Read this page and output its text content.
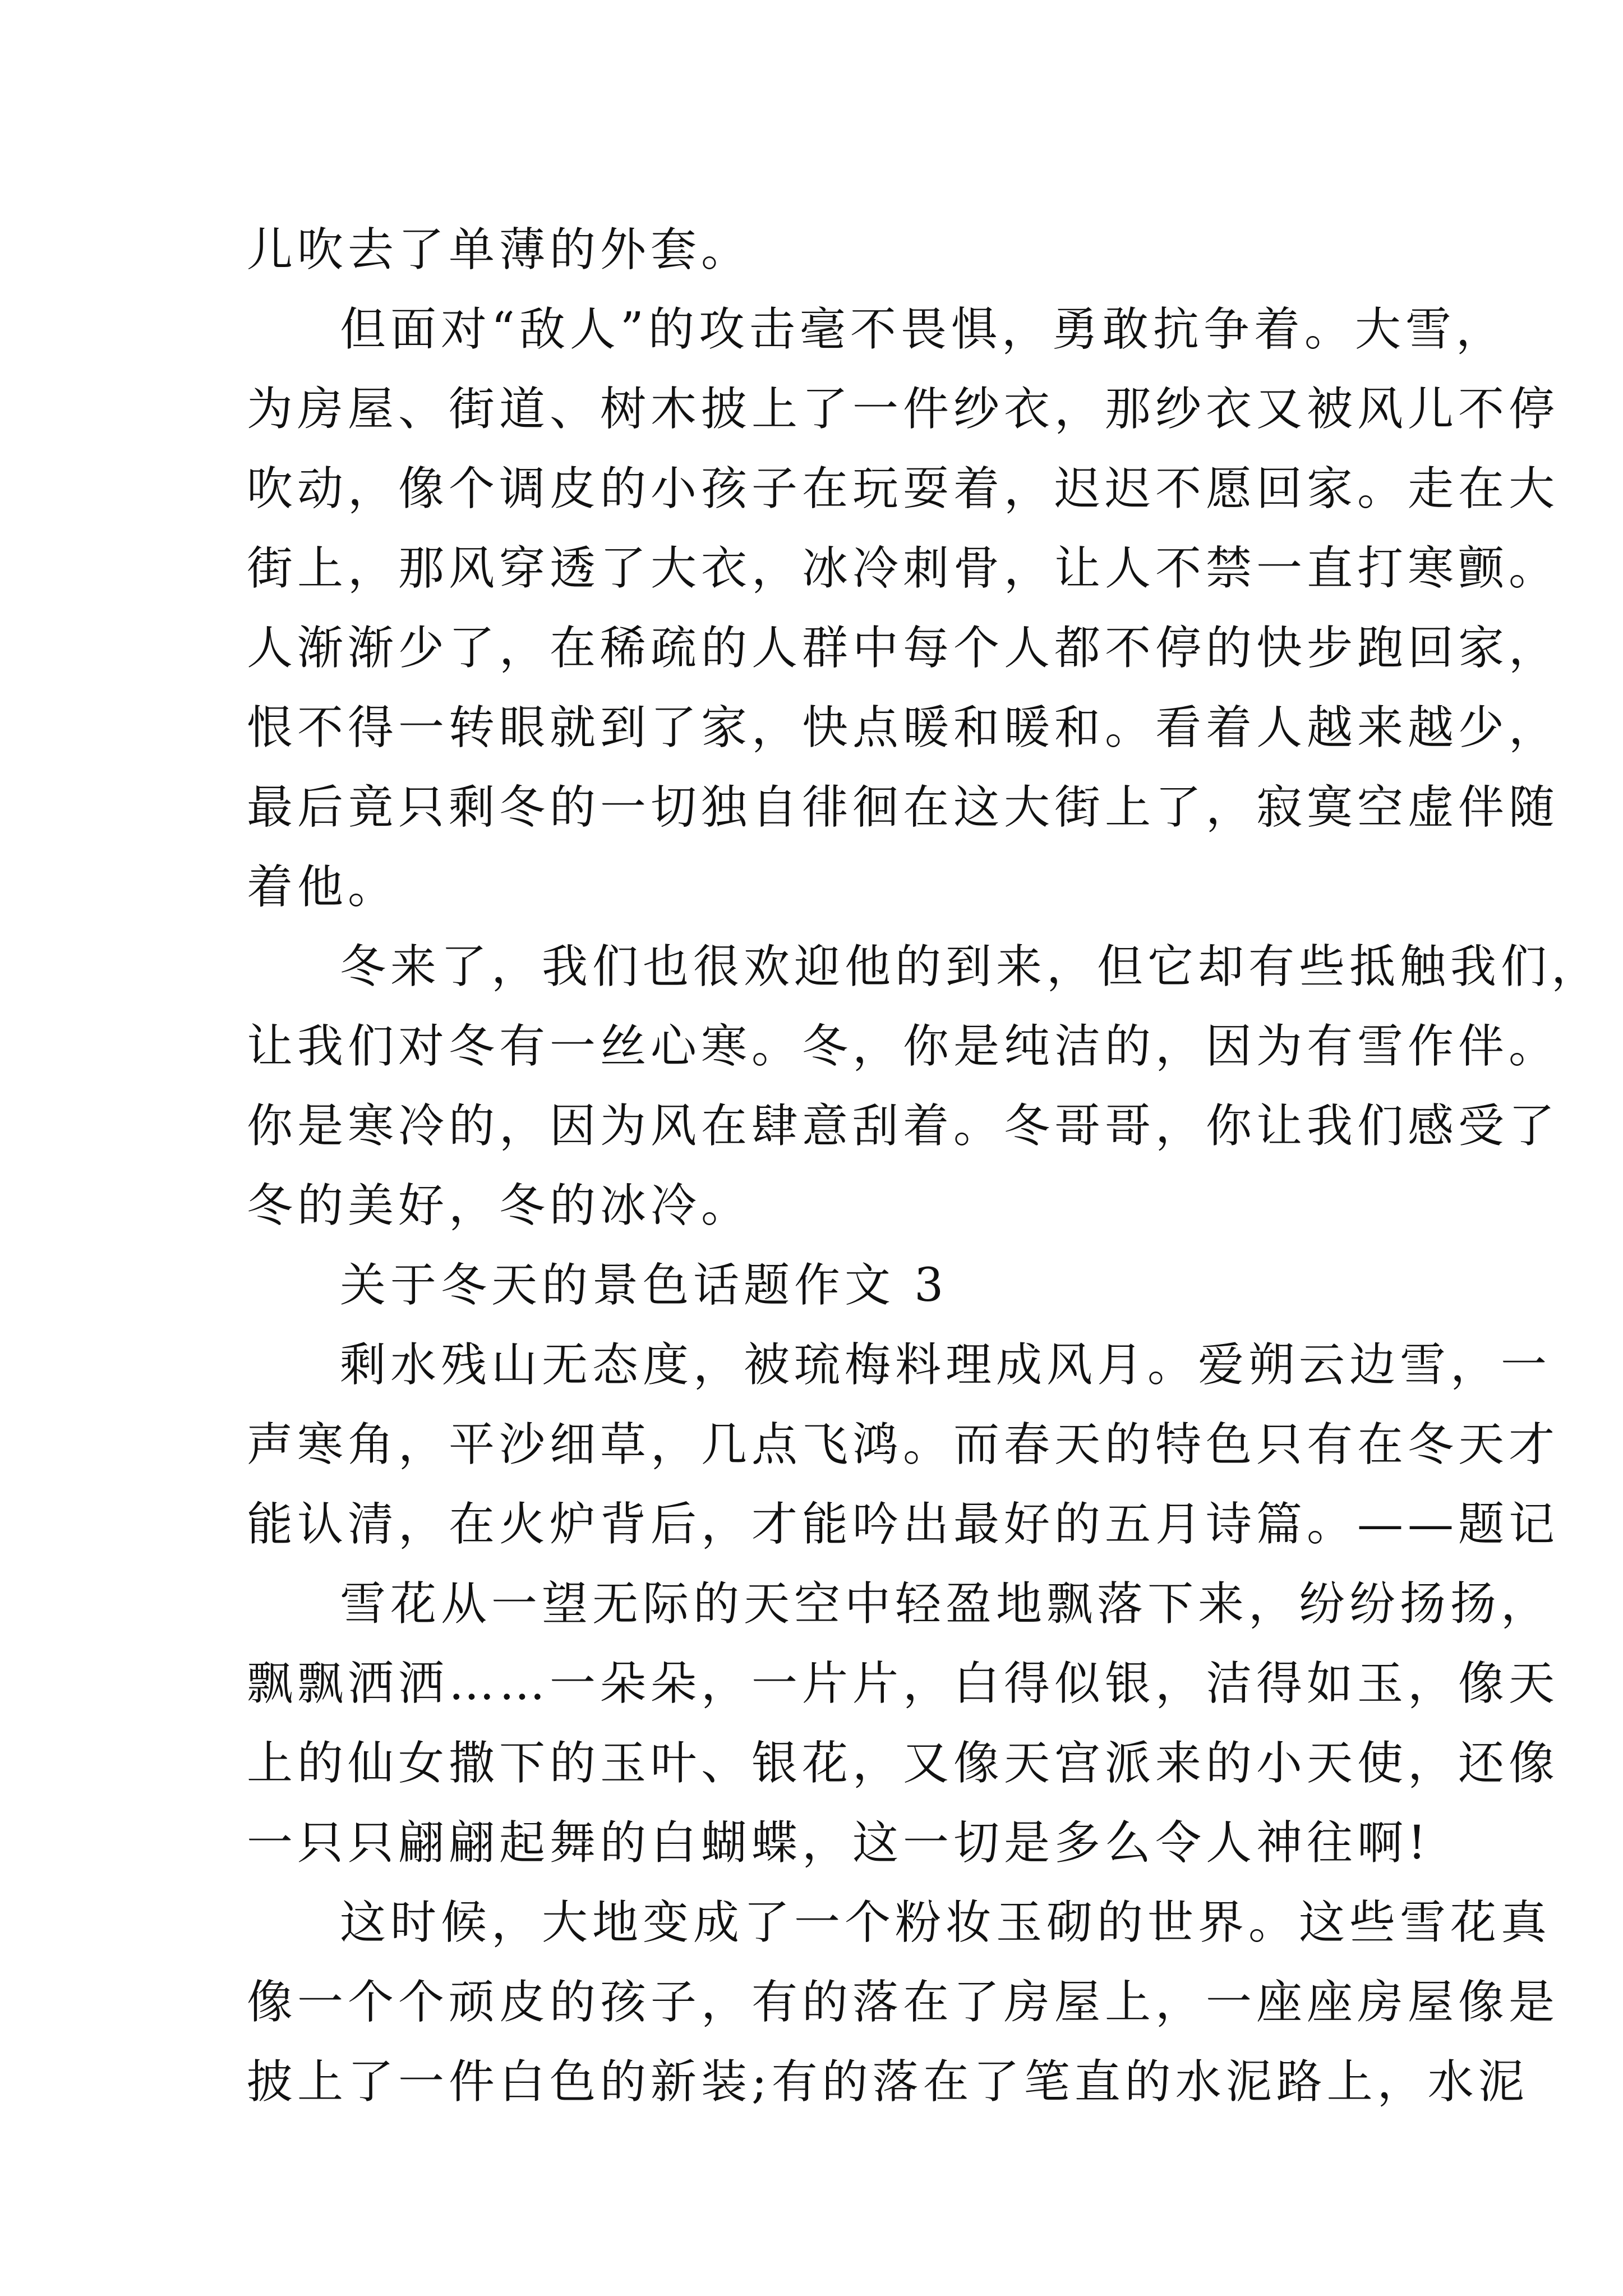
儿吹去了单薄的外套。
但面对“敌人”的攻击毫不畏惧，勇敢抗争着。大雪，
为房屋、街道、树木披上了一件纱衣，那纱衣又被风儿不停
吹动，像个调皮的小孩子在玩耍着，迟迟不愿回家。走在大
街上，那风穿透了大衣，冰冷刺骨，让人不禁一直打寒颤。
人渐渐少了，在稀疏的人群中每个人都不停的快步跑回家，
恨不得一转眼就到了家，快点暖和暖和。看着人越来越少，
最后竟只剩冬的一切独自徘徊在这大街上了，寂寞空虚伴随
着他。
冬来了，我们也很欢迎他的到来，但它却有些抵触我们，
让我们对冬有一丝心寒。冬，你是纯洁的，因为有雪作伴。
你是寒冷的，因为风在肆意刮着。冬哥哥，你让我们感受了
冬的美好，冬的冰冷。
关于冬天的景色话题作文 3
剩水残山无态度，被琉梅料理成风月。爱朔云边雪，一
声寒角，平沙细草，几点飞鸿。而春天的特色只有在冬天才
能认清，在火炉背后，才能吟出最好的五月诗篇。——题记
雪花从一望无际的天空中轻盈地飘落下来，纷纷扬扬，
飘飘洒洒……一朵朵，一片片，白得似银，洁得如玉，像天
上的仙女撒下的玉叶、银花，又像天宫派来的小天使，还像
一只只翩翩起舞的白蝴蝶，这一切是多么令人神往啊!
这时候，大地变成了一个粉妆玉砌的世界。这些雪花真
像一个个顽皮的孩子，有的落在了房屋上，一座座房屋像是
披上了一件白色的新装;有的落在了笔直的水泥路上，水泥
